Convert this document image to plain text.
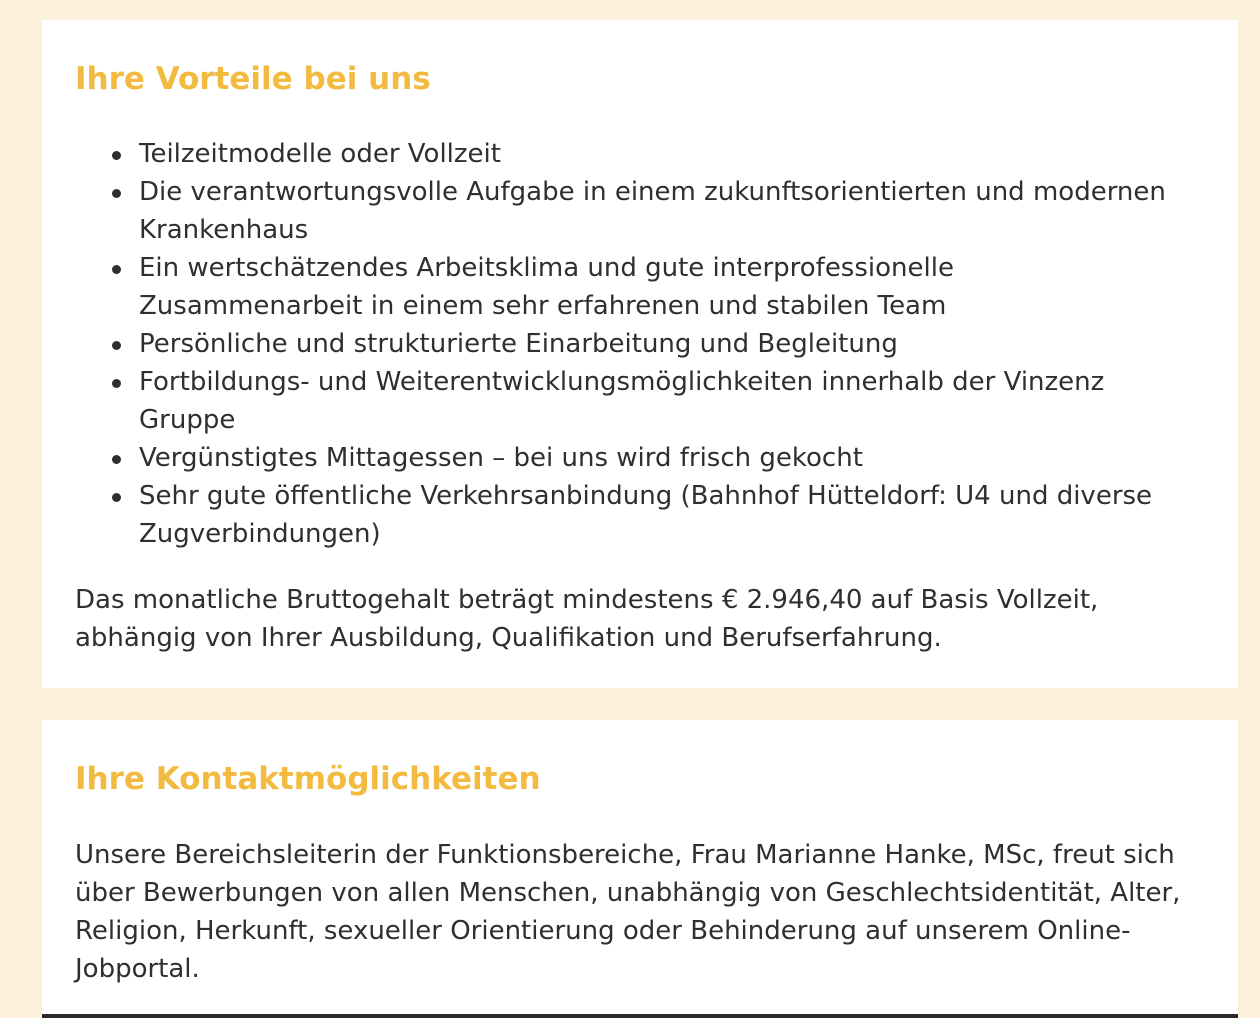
Ihre Vorteile bei uns
Teilzeitmodelle oder Vollzeit
Die verantwortungsvolle Aufgabe in einem zukunftsorientierten und modernen Krankenhaus
Ein wertschätzendes Arbeitsklima und gute interprofessionelle Zusammenarbeit in einem sehr erfahrenen und stabilen Team
Persönliche und strukturierte Einarbeitung und Begleitung
Fortbildungs- und Weiterentwicklungsmöglichkeiten innerhalb der Vinzenz Gruppe
Vergünstigtes Mittagessen – bei uns wird frisch gekocht
Sehr gute öffentliche Verkehrsanbindung (Bahnhof Hütteldorf: U4 und diverse Zugverbindungen)

Das monatliche Bruttogehalt beträgt mindestens € 2.946,40 auf Basis Vollzeit, abhängig von Ihrer Ausbildung, Qualifikation und Berufserfahrung.

Ihre Kontaktmöglichkeiten

Unsere Bereichsleiterin der Funktionsbereiche, Frau Marianne Hanke, MSc, freut sich über Bewerbungen von allen Menschen, unabhängig von Geschlechtsidentität, Alter, Religion, Herkunft, sexueller Orientierung oder Behinderung auf unserem Online-Jobportal.
